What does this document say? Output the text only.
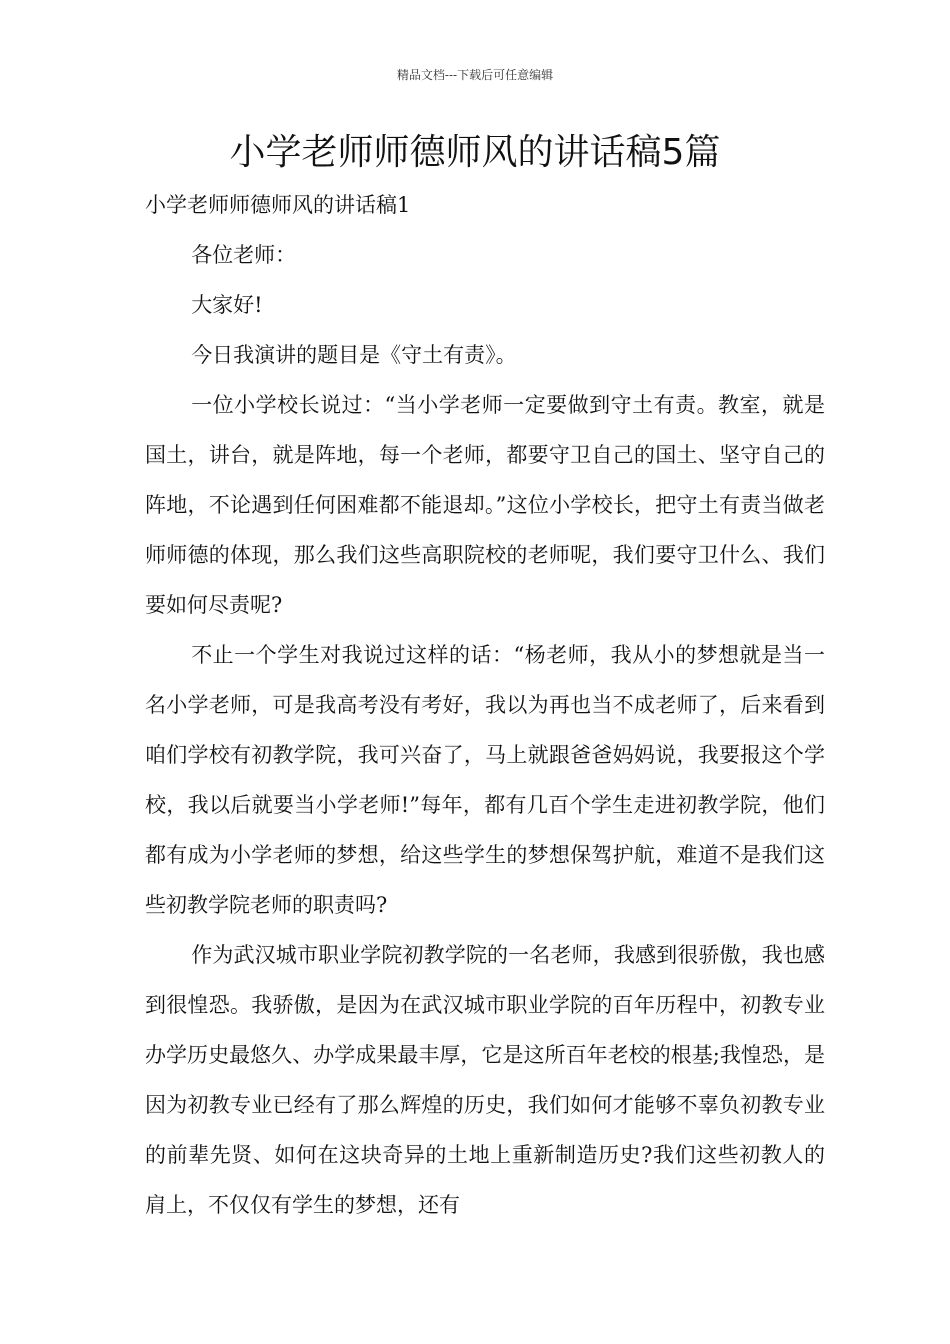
精品文档---下载后可任意编辑
小学老师师德师风的讲话稿5篇

小学老师师德师风的讲话稿1

各位老师：

大家好!

今日我演讲的题目是《守土有责》。

一位小学校长说过：“当小学老师一定要做到守土有责。教室，就是国土，讲台，就是阵地，每一个老师，都要守卫自己的国土、坚守自己的阵地，不论遇到任何困难都不能退却。”这位小学校长，把守土有责当做老师师德的体现，那么我们这些高职院校的老师呢，我们要守卫什么、我们要如何尽责呢?

不止一个学生对我说过这样的话：“杨老师，我从小的梦想就是当一名小学老师，可是我高考没有考好，我以为再也当不成老师了，后来看到咱们学校有初教学院，我可兴奋了，马上就跟爸爸妈妈说，我要报这个学校，我以后就要当小学老师!”每年，都有几百个学生走进初教学院，他们都有成为小学老师的梦想，给这些学生的梦想保驾护航，难道不是我们这些初教学院老师的职责吗?

作为武汉城市职业学院初教学院的一名老师，我感到很骄傲，我也感到很惶恐。我骄傲，是因为在武汉城市职业学院的百年历程中，初教专业办学历史最悠久、办学成果最丰厚，它是这所百年老校的根基;我惶恐，是因为初教专业已经有了那么辉煌的历史，我们如何才能够不辜负初教专业的前辈先贤、如何在这块奇异的土地上重新制造历史?我们这些初教人的肩上，不仅仅有学生的梦想，还有
